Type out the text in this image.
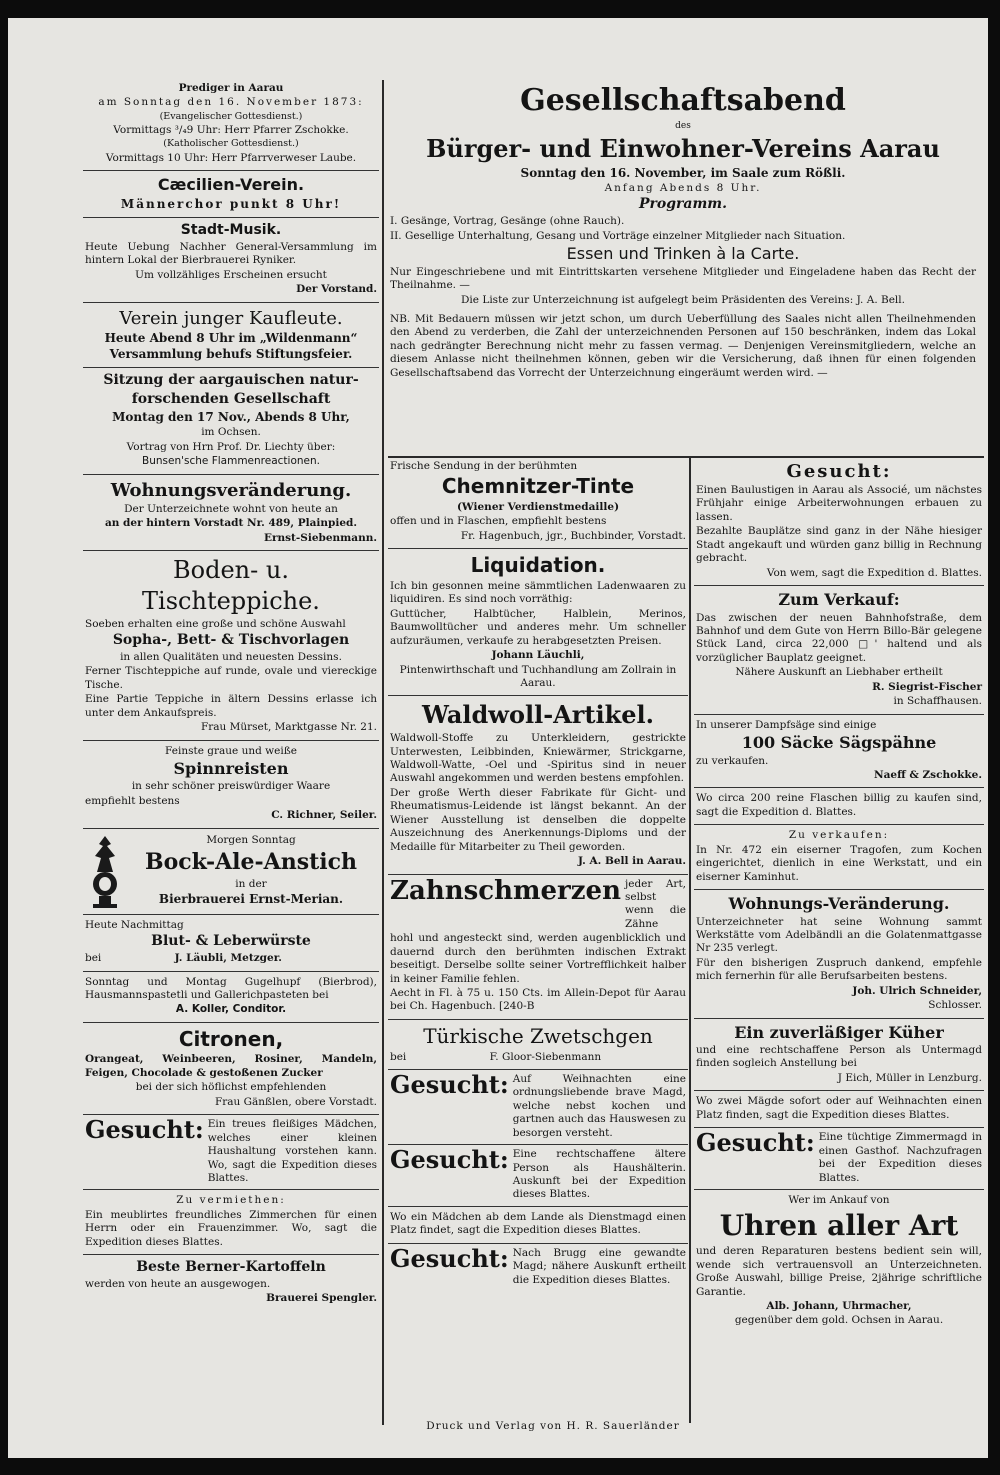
Prediger in Aarau

am Sonntag den 16. November 1873:

(Evangelischer Gottesdienst.)

Vormittags ³/₄9 Uhr: Herr Pfarrer Zschokke.

(Katholischer Gottesdienst.)

Vormittags 10 Uhr: Herr Pfarrverweser Laube.

Cæcilien-Verein.

Männerchor punkt 8 Uhr!

Stadt-Musik.

Heute Uebung Nachher General-Versammlung im hintern Lokal der Bierbrauerei Ryniker.

Um vollzähliges Erscheinen ersucht

Der Vorstand.

Verein junger Kaufleute.

Heute Abend 8 Uhr im „Wildenmann“

Versammlung behufs Stiftungsfeier.

Sitzung der aargauischen natur-

forschenden Gesellschaft

Montag den 17 Nov., Abends 8 Uhr,

im Ochsen.

Vortrag von Hrn Prof. Dr. Liechty über:

Bunsen'sche Flammenreactionen.

Wohnungsveränderung.

Der Unterzeichnete wohnt von heute an

an der hintern Vorstadt Nr. 489, Plainpied.

Ernst-Siebenmann.

Boden- u. Tischteppiche.

Soeben erhalten eine große und schöne Auswahl

Sopha-, Bett- & Tischvorlagen

in allen Qualitäten und neuesten Dessins.

Ferner Tischteppiche auf runde, ovale und viereckige Tische.

Eine Partie Teppiche in ältern Dessins erlasse ich unter dem Ankaufspreis.

Frau Mürset, Marktgasse Nr. 21.

Feinste graue und weiße

Spinnreisten

in sehr schöner preiswürdiger Waare

empfiehlt bestens

C. Richner, Seiler.

Morgen Sonntag

Bock-Ale-Anstich

in der

Bierbrauerei Ernst-Merian.

Heute Nachmittag

Blut- & Leberwürste

bei	J. Läubli, Metzger.

Sonntag und Montag Gugelhupf (Bierbrod), Hausmannspastetli und Gallerichpasteten bei

A. Koller, Conditor.

Citronen,

Orangeat, Weinbeeren, Rosiner, Mandeln, Feigen, Chocolade & gestoßenen Zucker

bei der sich höflichst empfehlenden

Frau Gänßlen, obere Vorstadt.

Gesucht: Ein treues fleißiges Mädchen, welches einer kleinen Haushaltung vorstehen kann. Wo, sagt die Expedition dieses Blattes.

Zu vermiethen:

Ein meublirtes freundliches Zimmerchen für einen Herrn oder ein Frauenzimmer. Wo, sagt die Expedition dieses Blattes.

Beste Berner-Kartoffeln

werden von heute an ausgewogen.

Brauerei Spengler.

Gesellschaftsabend

des

Bürger- und Einwohner-Vereins Aarau

Sonntag den 16. November, im Saale zum Rößli.

Anfang Abends 8 Uhr.

Programm.

I. Gesänge, Vortrag, Gesänge (ohne Rauch).

II. Gesellige Unterhaltung, Gesang und Vorträge einzelner Mitglieder nach Situation.

Essen und Trinken à la Carte.

Nur Eingeschriebene und mit Eintrittskarten versehene Mitglieder und Eingeladene haben das Recht der Theilnahme. —

Die Liste zur Unterzeichnung ist aufgelegt beim Präsidenten des Vereins: J. A. Bell.

NB. Mit Bedauern müssen wir jetzt schon, um durch Ueberfüllung des Saales nicht allen Theilnehmenden den Abend zu verderben, die Zahl der unterzeichnenden Personen auf 150 beschränken, indem das Lokal nach gedrängter Berechnung nicht mehr zu fassen vermag. — Denjenigen Vereinsmitgliedern, welche an diesem Anlasse nicht theilnehmen können, geben wir die Versicherung, daß ihnen für einen folgenden Gesellschaftsabend das Vorrecht der Unterzeichnung eingeräumt werden wird. —

Frische Sendung in der berühmten

Chemnitzer-Tinte

(Wiener Verdienstmedaille)

offen und in Flaschen, empfiehlt bestens

Fr. Hagenbuch, jgr., Buchbinder, Vorstadt.

Liquidation.

Ich bin gesonnen meine sämmtlichen Ladenwaaren zu liquidiren. Es sind noch vorräthig:

Guttücher, Halbtücher, Halblein, Merinos, Baumwolltücher und anderes mehr. Um schneller aufzuräumen, verkaufe zu herabgesetzten Preisen.

Johann Läuchli,

Pintenwirthschaft und Tuchhandlung am Zollrain in Aarau.

Waldwoll-Artikel.

Waldwoll-Stoffe zu Unterkleidern, gestrickte Unterwesten, Leibbinden, Kniewärmer, Strickgarne, Waldwoll-Watte, -Oel und -Spiritus sind in neuer Auswahl angekommen und werden bestens empfohlen.

Der große Werth dieser Fabrikate für Gicht- und Rheumatismus-Leidende ist längst bekannt. An der Wiener Ausstellung ist denselben die doppelte Auszeichnung des Anerkennungs-Diploms und der Medaille für Mitarbeiter zu Theil geworden.

J. A. Bell in Aarau.

Zahnschmerzen jeder Art, selbst wenn die Zähne

hohl und angesteckt sind, werden augenblicklich und dauernd durch den berühmten indischen Extrakt beseitigt. Derselbe sollte seiner Vortrefflichkeit halber in keiner Familie fehlen.

Aecht in Fl. à 75 u. 150 Cts. im Allein-Depot für Aarau bei Ch. Hagenbuch. [240-B

Türkische Zwetschgen

bei	F. Gloor-Siebenmann

Gesucht: Auf Weihnachten eine ordnungsliebende brave Magd, welche nebst kochen und gartnen auch das Hauswesen zu besorgen versteht.
Gesucht: Eine rechtschaffene ältere Person als Haushälterin. Auskunft bei der Expedition dieses Blattes.

Wo ein Mädchen ab dem Lande als Dienstmagd einen Platz findet, sagt die Expedition dieses Blattes.

Gesucht: Nach Brugg eine gewandte Magd; nähere Auskunft ertheilt die Expedition dieses Blattes.

Gesucht:

Einen Baulustigen in Aarau als Associé, um nächstes Frühjahr einige Arbeiterwohnungen erbauen zu lassen.

Bezahlte Bauplätze sind ganz in der Nähe hiesiger Stadt angekauft und würden ganz billig in Rechnung gebracht.

Von wem, sagt die Expedition d. Blattes.

Zum Verkauf:

Das zwischen der neuen Bahnhofstraße, dem Bahnhof und dem Gute von Herrn Billo-Bär gelegene Stück Land, circa 22,000 □' haltend und als vorzüglicher Bauplatz geeignet.

Nähere Auskunft an Liebhaber ertheilt

R. Siegrist-Fischer

in Schaffhausen.

In unserer Dampfsäge sind einige

100 Säcke Sägspähne

zu verkaufen.

Naeff & Zschokke.

Wo circa 200 reine Flaschen billig zu kaufen sind, sagt die Expedition d. Blattes.

Zu verkaufen:

In Nr. 472 ein eiserner Tragofen, zum Kochen eingerichtet, dienlich in eine Werkstatt, und ein eiserner Kaminhut.

Wohnungs-Veränderung.

Unterzeichneter hat seine Wohnung sammt Werkstätte vom Adelbändli an die Golatenmattgasse Nr 235 verlegt.

Für den bisherigen Zuspruch dankend, empfehle mich fernerhin für alle Berufsarbeiten bestens.

Joh. Ulrich Schneider,

Schlosser.

Ein zuverläßiger Küher

und eine rechtschaffene Person als Untermagd finden sogleich Anstellung bei

J Eich, Müller in Lenzburg.

Wo zwei Mägde sofort oder auf Weihnachten einen Platz finden, sagt die Expedition dieses Blattes.

Gesucht: Eine tüchtige Zimmermagd in einen Gasthof. Nachzufragen bei der Expedition dieses Blattes.

Wer im Ankauf von

Uhren aller Art

und deren Reparaturen bestens bedient sein will, wende sich vertrauensvoll an Unterzeichneten. Große Auswahl, billige Preise, 2jährige schriftliche Garantie.

Alb. Johann, Uhrmacher,

gegenüber dem gold. Ochsen in Aarau.

Druck und Verlag von H. R. Sauerländer
